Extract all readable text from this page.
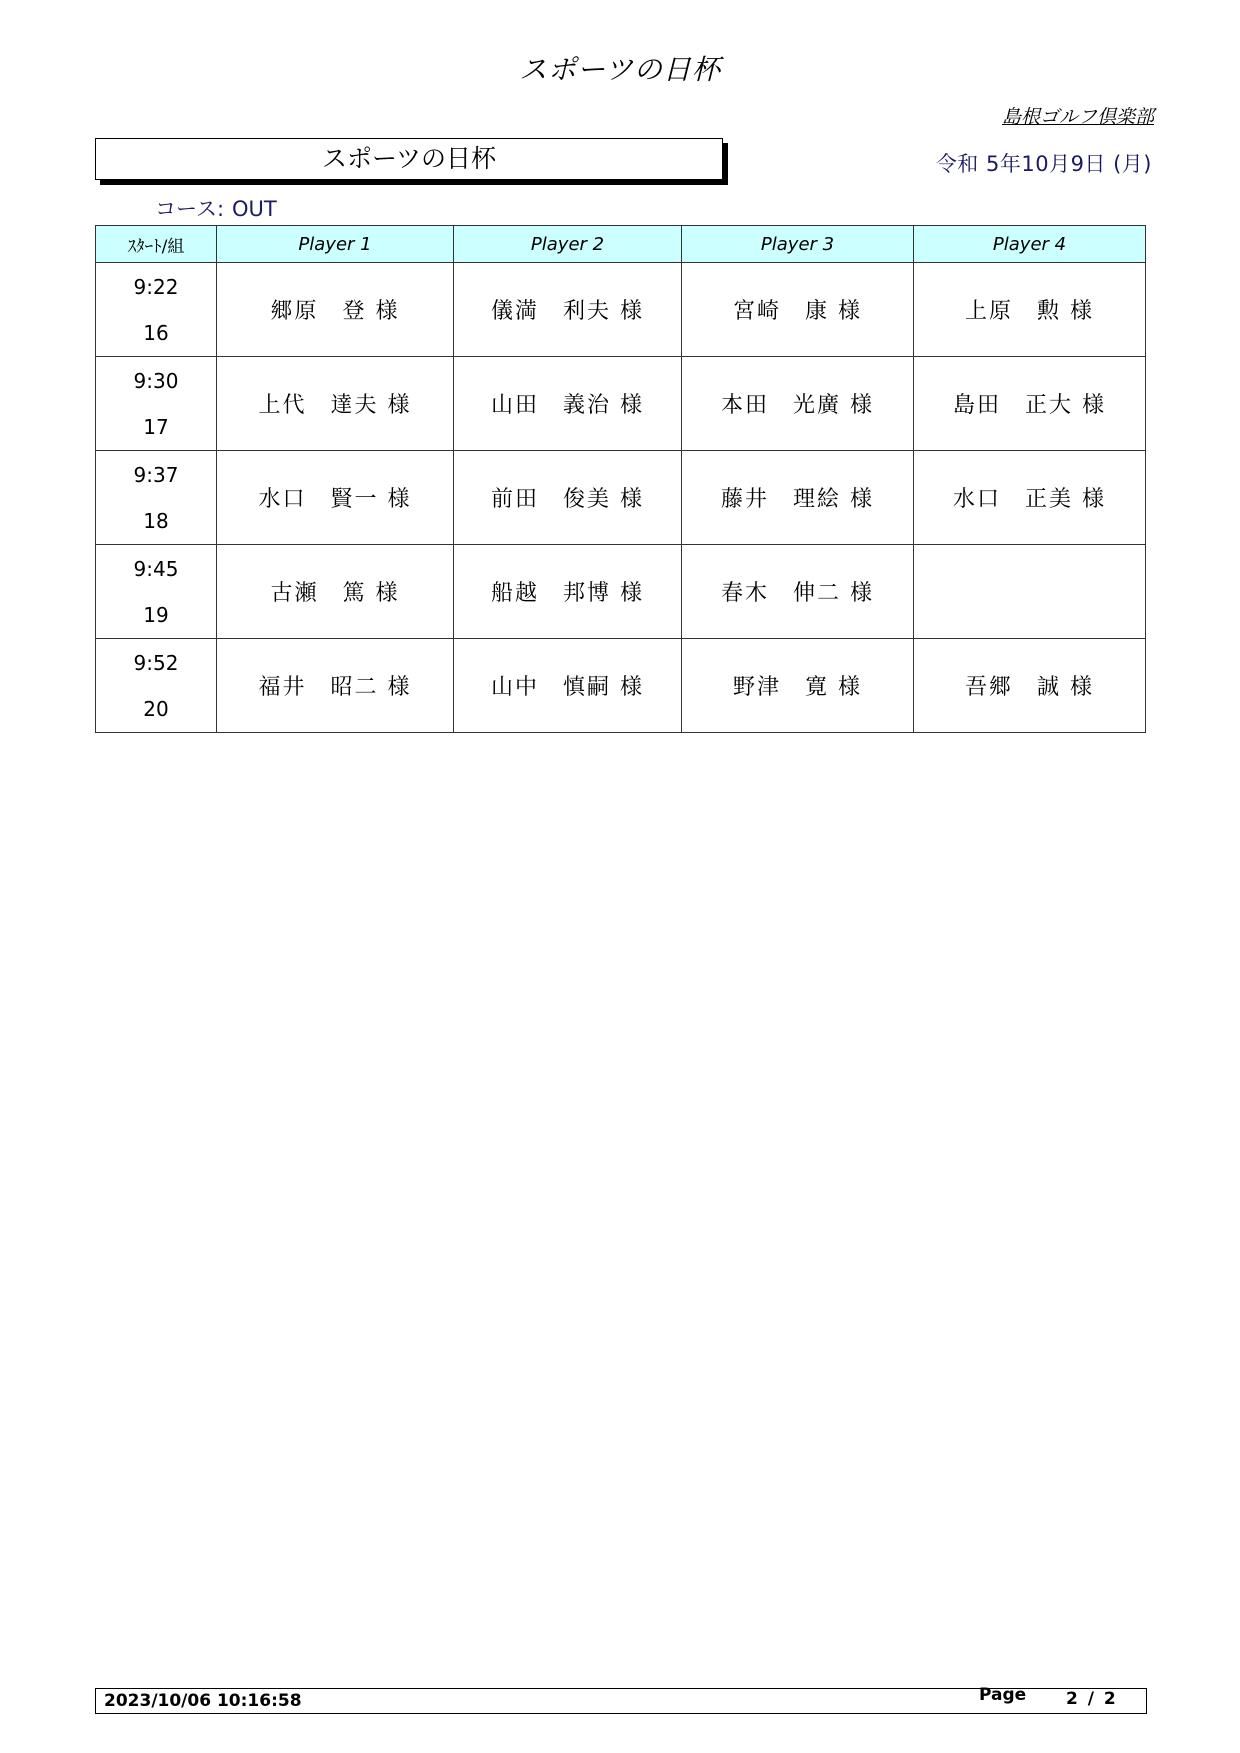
スポーツの日杯
島根ゴルフ倶楽部
スポーツの日杯	令和 5年10月9日 (月)
コース: OUT
ｽﾀｰﾄ/組	Player 1	Player 2	Player 3	Player 4

9:22
16	郷原　登 様	儀満　利夫 様	宮崎　康 様	上原　勲 様

9:30
17	上代　達夫 様	山田　義治 様	本田　光廣 様	島田　正大 様

9:37
18	水口　賢一 様	前田　俊美 様	藤井　理絵 様	水口　正美 様

9:45
19	古瀬　篤 様	船越　邦博 様	春木　伸二 様	

9:52
20	福井　昭二 様	山中　慎嗣 様	野津　寛 様	吾郷　誠 様
2023/10/06 10:16:58	Page 2 / 2
